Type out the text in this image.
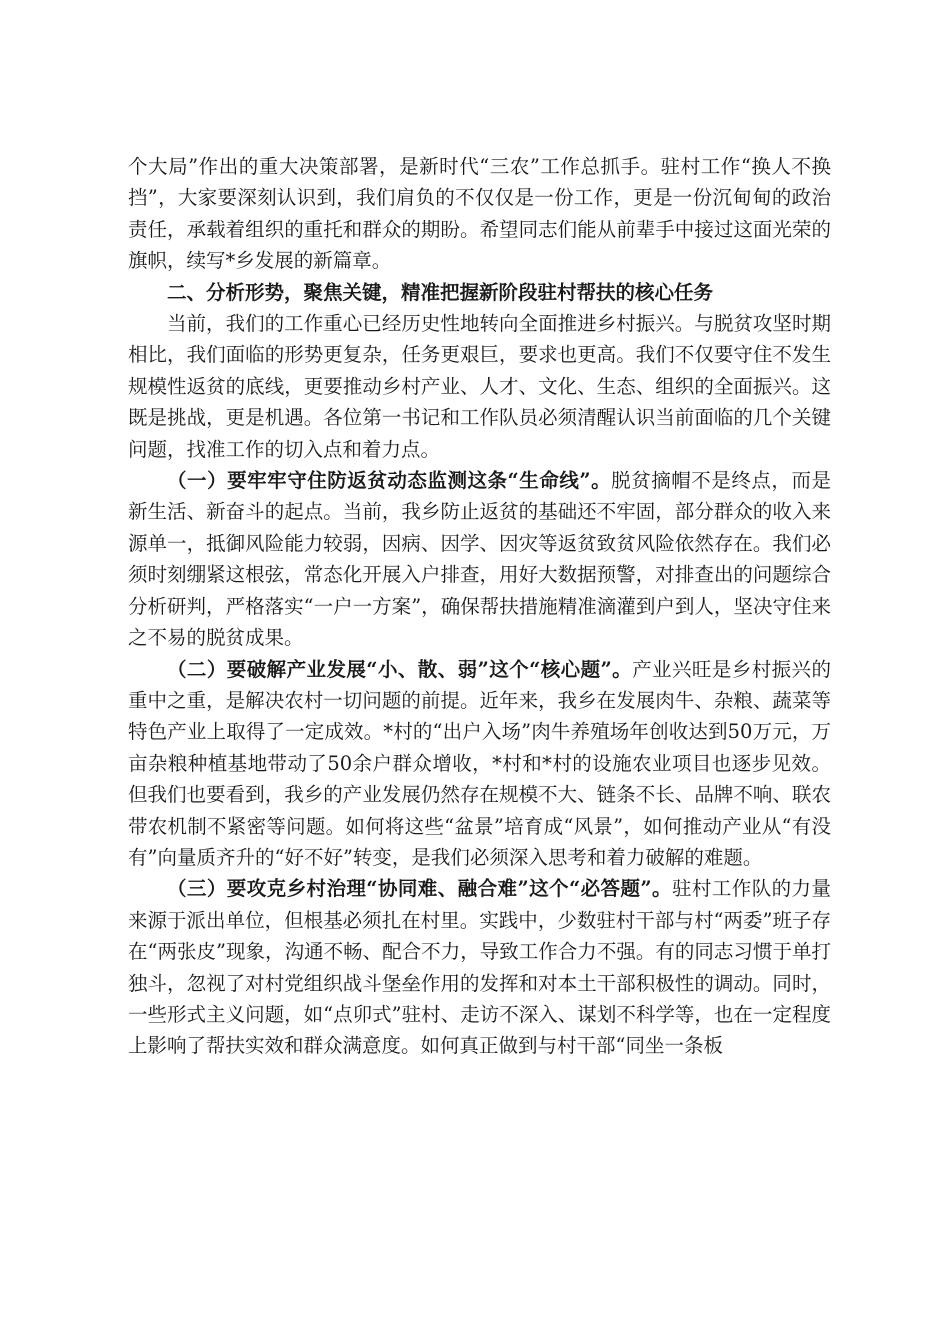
个大局”作出的重大决策部署，是新时代“三农”工作总抓手。驻村工作“换人不换挡”，大家要深刻认识到，我们肩负的不仅仅是一份工作，更是一份沉甸甸的政治责任，承载着组织的重托和群众的期盼。希望同志们能从前辈手中接过这面光荣的旗帜，续写*乡发展的新篇章。

二、分析形势，聚焦关键，精准把握新阶段驻村帮扶的核心任务

当前，我们的工作重心已经历史性地转向全面推进乡村振兴。与脱贫攻坚时期相比，我们面临的形势更复杂，任务更艰巨，要求也更高。我们不仅要守住不发生规模性返贫的底线，更要推动乡村产业、人才、文化、生态、组织的全面振兴。这既是挑战，更是机遇。各位第一书记和工作队员必须清醒认识当前面临的几个关键问题，找准工作的切入点和着力点。

（一）要牢牢守住防返贫动态监测这条“生命线”。脱贫摘帽不是终点，而是新生活、新奋斗的起点。当前，我乡防止返贫的基础还不牢固，部分群众的收入来源单一，抵御风险能力较弱，因病、因学、因灾等返贫致贫风险依然存在。我们必须时刻绷紧这根弦，常态化开展入户排查，用好大数据预警，对排查出的问题综合分析研判，严格落实“一户一方案”，确保帮扶措施精准滴灌到户到人，坚决守住来之不易的脱贫成果。

（二）要破解产业发展“小、散、弱”这个“核心题”。产业兴旺是乡村振兴的重中之重，是解决农村一切问题的前提。近年来，我乡在发展肉牛、杂粮、蔬菜等特色产业上取得了一定成效。*村的“出户入场”肉牛养殖场年创收达到50万元，万亩杂粮种植基地带动了50余户群众增收，*村和*村的设施农业项目也逐步见效。但我们也要看到，我乡的产业发展仍然存在规模不大、链条不长、品牌不响、联农带农机制不紧密等问题。如何将这些“盆景”培育成“风景”，如何推动产业从“有没有”向量质齐升的“好不好”转变，是我们必须深入思考和着力破解的难题。

（三）要攻克乡村治理“协同难、融合难”这个“必答题”。驻村工作队的力量来源于派出单位，但根基必须扎在村里。实践中，少数驻村干部与村“两委”班子存在“两张皮”现象，沟通不畅、配合不力，导致工作合力不强。有的同志习惯于单打独斗，忽视了对村党组织战斗堡垒作用的发挥和对本土干部积极性的调动。同时，一些形式主义问题，如“点卯式”驻村、走访不深入、谋划不科学等，也在一定程度上影响了帮扶实效和群众满意度。如何真正做到与村干部“同坐一条板
